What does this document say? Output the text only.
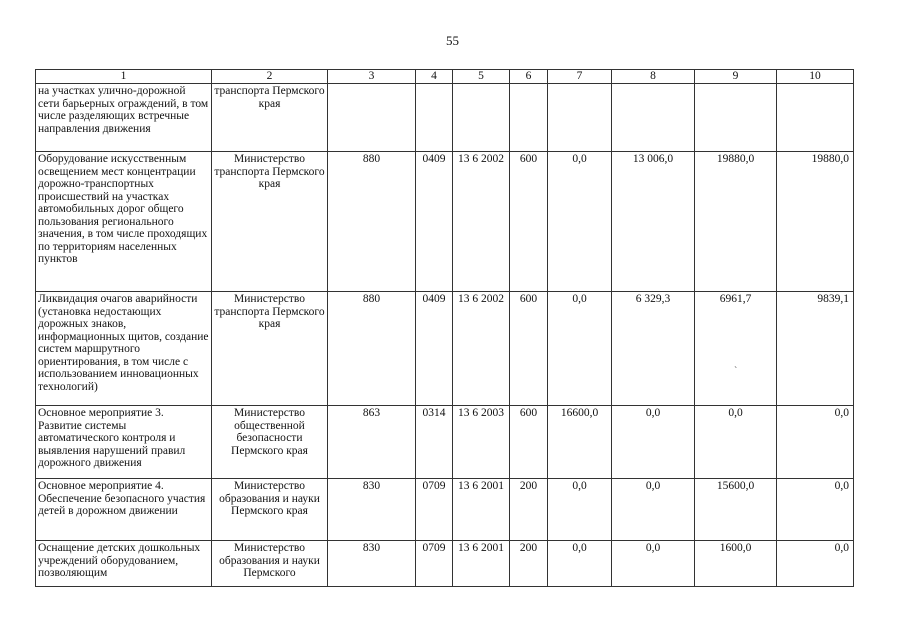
55
1	2	3	4	5	6	7	8	9	10
на участках улично-дорожной сети барьерных ограждений, в том числе разделяющих встречные направления движения	транспорта Пермского края								
Оборудование искусственным освещением мест концентрации дорожно-транспортных происшествий на участках автомобильных дорог общего пользования регионального значения, в том числе проходящих по территориям населенных пунктов	Министерство транспорта Пермского края	880	0409	13 6 2002	600	0,0	13 006,0	19880,0	19880,0
Ликвидация очагов аварийности (установка недостающих дорожных знаков, информационных щитов, создание систем маршрутного ориентирования, в том числе с использованием инновационных технологий)	Министерство транспорта Пермского края	880	0409	13 6 2002	600	0,0	6 329,3	6961,7	9839,1
Основное мероприятие 3. Развитие системы автоматического контроля и выявления нарушений правил дорожного движения	Министерство общественной безопасности Пермского края	863	0314	13 6 2003	600	16600,0	0,0	0,0	0,0
Основное мероприятие 4. Обеспечение безопасного участия детей в дорожном движении	Министерство образования и науки Пермского края	830	0709	13 6 2001	200	0,0	0,0	15600,0	0,0
Оснащение детских дошкольных учреждений оборудованием, позволяющим	Министерство образования и науки Пермского	830	0709	13 6 2001	200	0,0	0,0	1600,0	0,0
`
